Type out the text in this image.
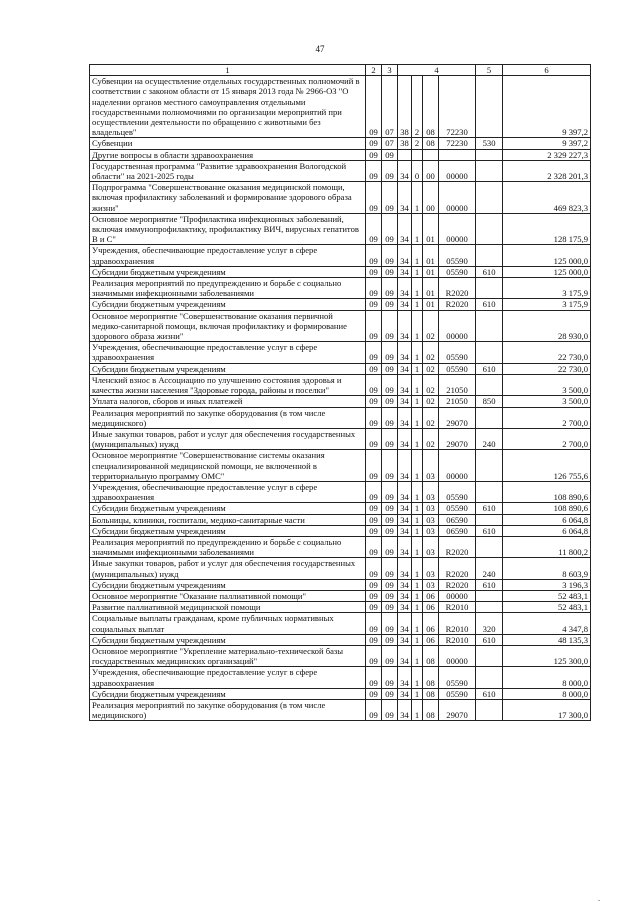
47
1	2	3	4				5	6
Субвенции на осуществление отдельных государственных полномочий в соответствии с законом области от 15 января 2013 года № 2966-ОЗ "О наделении органов местного самоуправления отдельными государственными полномочиями по организации мероприятий при осуществлении деятельности по обращению с животными без владельцев"	09	07	38	2	08	72230		9 397,2
Субвенции	09	07	38	2	08	72230	530	9 397,2
Другие вопросы в области здравоохранения	09	09						2 329 227,3
Государственная программа "Развитие здравоохранения Вологодской области" на 2021-2025 годы	09	09	34	0	00	00000		2 328 201,3
Подпрограмма "Совершенствование оказания медицинской помощи, включая профилактику заболеваний и формирование здорового образа жизни"	09	09	34	1	00	00000		469 823,3
Основное мероприятие "Профилактика инфекционных заболеваний, включая иммунопрофилактику, профилактику ВИЧ, вирусных гепатитов В и С"	09	09	34	1	01	00000		128 175,9
Учреждения, обеспечивающие предоставление услуг в сфере здравоохранения	09	09	34	1	01	05590		125 000,0
Субсидии бюджетным учреждениям	09	09	34	1	01	05590	610	125 000,0
Реализация мероприятий по предупреждению и борьбе с социально значимыми инфекционными заболеваниями	09	09	34	1	01	R2020		3 175,9
Субсидии бюджетным учреждениям	09	09	34	1	01	R2020	610	3 175,9
Основное мероприятие "Совершенствование оказания первичной медико-санитарной помощи, включая профилактику и формирование здорового образа жизни"	09	09	34	1	02	00000		28 930,0
Учреждения, обеспечивающие предоставление услуг в сфере здравоохранения	09	09	34	1	02	05590		22 730,0
Субсидии бюджетным учреждениям	09	09	34	1	02	05590	610	22 730,0
Членский взнос в Ассоциацию по улучшению состояния здоровья и качества жизни населения "Здоровые города, районы и поселки"	09	09	34	1	02	21050		3 500,0
Уплата налогов, сборов и иных платежей	09	09	34	1	02	21050	850	3 500,0
Реализация мероприятий по закупке оборудования (в том числе медицинского)	09	09	34	1	02	29070		2 700,0
Иные закупки товаров, работ и услуг для обеспечения государственных (муниципальных) нужд	09	09	34	1	02	29070	240	2 700,0
Основное мероприятие "Совершенствование системы оказания специализированной медицинской помощи, не включенной в территориальную программу ОМС"	09	09	34	1	03	00000		126 755,6
Учреждения, обеспечивающие предоставление услуг в сфере здравоохранения	09	09	34	1	03	05590		108 890,6
Субсидии бюджетным учреждениям	09	09	34	1	03	05590	610	108 890,6
Больницы, клиники, госпитали, медико-санитарные части	09	09	34	1	03	06590		6 064,8
Субсидии бюджетным учреждениям	09	09	34	1	03	06590	610	6 064,8
Реализация мероприятий по предупреждению и борьбе с социально значимыми инфекционными заболеваниями	09	09	34	1	03	R2020		11 800,2
Иные закупки товаров, работ и услуг для обеспечения государственных (муниципальных) нужд	09	09	34	1	03	R2020	240	8 603,9
Субсидии бюджетным учреждениям	09	09	34	1	03	R2020	610	3 196,3
Основное мероприятие "Оказание паллиативной помощи"	09	09	34	1	06	00000		52 483,1
Развитие паллиативной медицинской помощи	09	09	34	1	06	R2010		52 483,1
Социальные выплаты гражданам, кроме публичных нормативных социальных выплат	09	09	34	1	06	R2010	320	4 347,8
Субсидии бюджетным учреждениям	09	09	34	1	06	R2010	610	48 135,3
Основное мероприятие "Укрепление материально-технической базы государственных медицинских организаций"	09	09	34	1	08	00000		125 300,0
Учреждения, обеспечивающие предоставление услуг в сфере здравоохранения	09	09	34	1	08	05590		8 000,0
Субсидии бюджетным учреждениям	09	09	34	1	08	05590	610	8 000,0
Реализация мероприятий по закупке оборудования (в том числе медицинского)	09	09	34	1	08	29070		17 300,0
-
